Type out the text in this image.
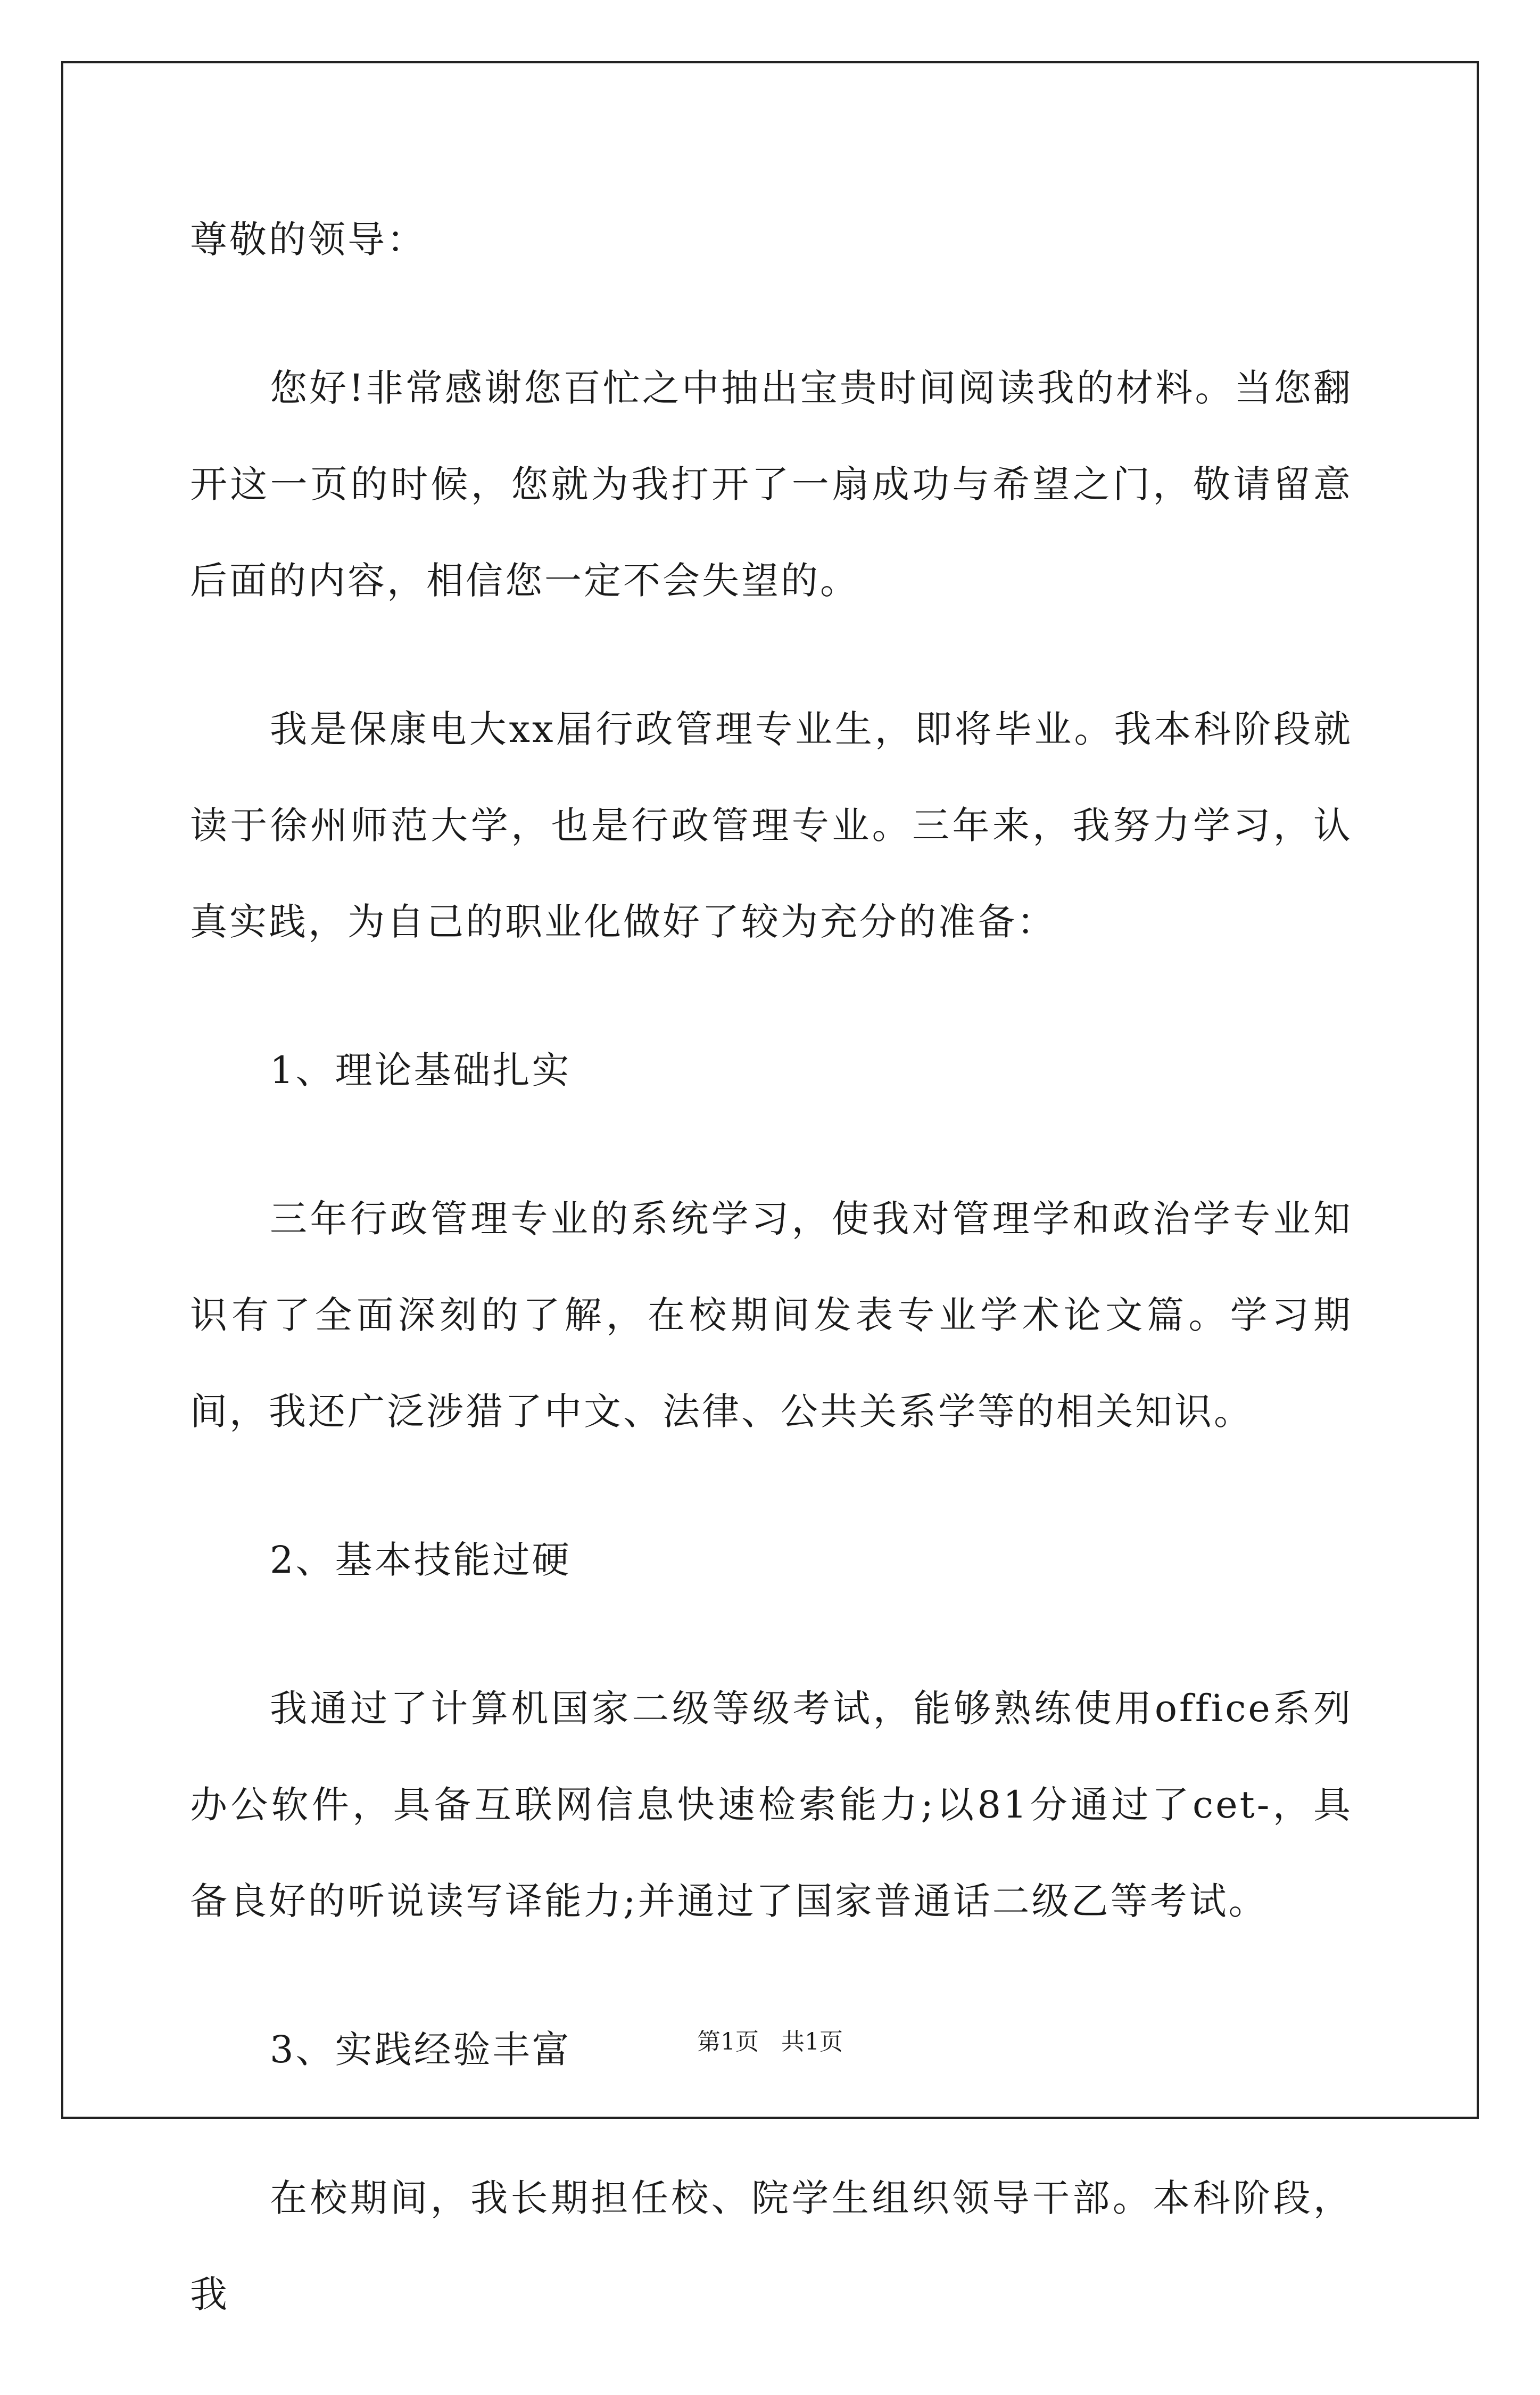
尊敬的领导：

您好!非常感谢您百忙之中抽出宝贵时间阅读我的材料。当您翻开这一页的时候，您就为我打开了一扇成功与希望之门，敬请留意后面的内容，相信您一定不会失望的。

我是保康电大xx届行政管理专业生，即将毕业。我本科阶段就读于徐州师范大学，也是行政管理专业。三年来，我努力学习，认真实践，为自己的职业化做好了较为充分的准备：

1、理论基础扎实

三年行政管理专业的系统学习，使我对管理学和政治学专业知识有了全面深刻的了解，在校期间发表专业学术论文篇。学习期间，我还广泛涉猎了中文、法律、公共关系学等的相关知识。

2、基本技能过硬

我通过了计算机国家二级等级考试，能够熟练使用office系列办公软件，具备互联网信息快速检索能力;以81分通过了cet-，具备良好的听说读写译能力;并通过了国家普通话二级乙等考试。

3、实践经验丰富

在校期间，我长期担任校、院学生组织领导干部。本科阶段，我

第1页 共1页
